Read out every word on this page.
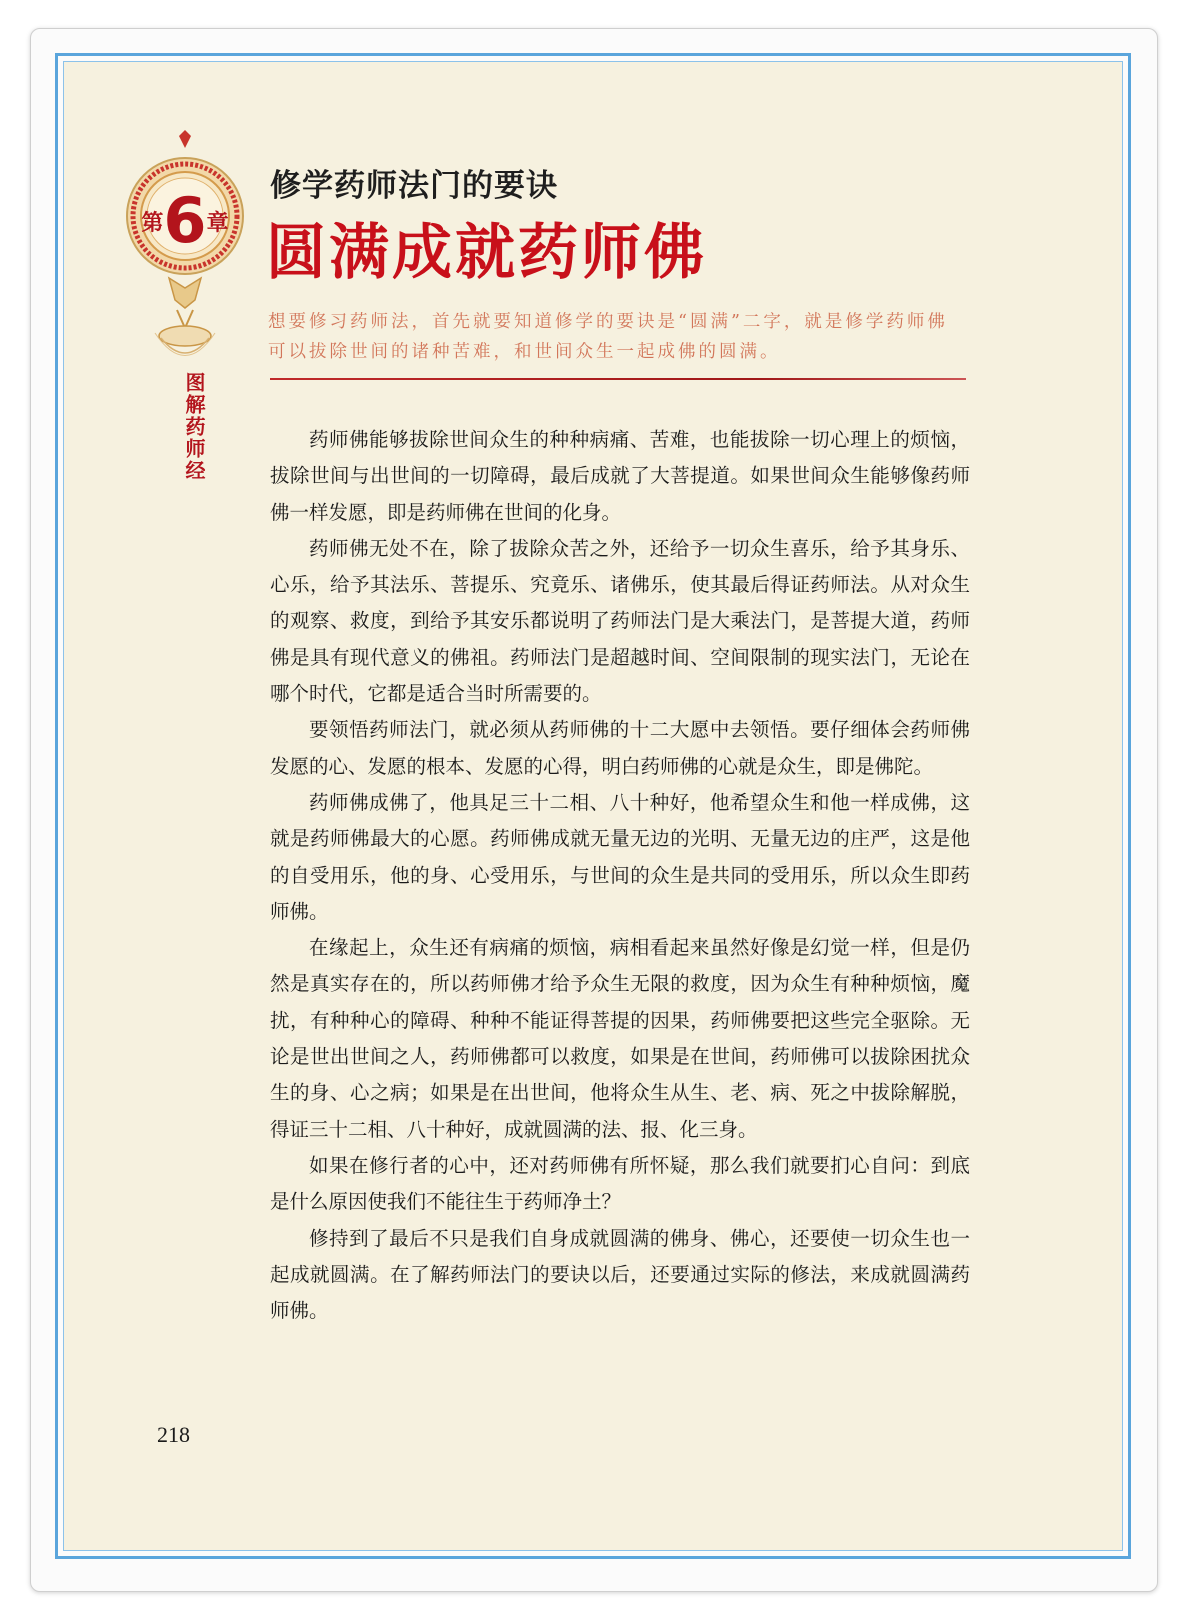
第6章
图解药师经
修学药师法门的要诀
圆满成就药师佛
想要修习药师法，首先就要知道修学的要诀是“圆满”二字，就是修学药师佛可以拔除世间的诸种苦难，和世间众生一起成佛的圆满。

药师佛能够拔除世间众生的种种病痛、苦难，也能拔除一切心理上的烦恼，拔除世间与出世间的一切障碍，最后成就了大菩提道。如果世间众生能够像药师佛一样发愿，即是药师佛在世间的化身。

药师佛无处不在，除了拔除众苦之外，还给予一切众生喜乐，给予其身乐、心乐，给予其法乐、菩提乐、究竟乐、诸佛乐，使其最后得证药师法。从对众生的观察、救度，到给予其安乐都说明了药师法门是大乘法门，是菩提大道，药师佛是具有现代意义的佛祖。药师法门是超越时间、空间限制的现实法门，无论在哪个时代，它都是适合当时所需要的。

要领悟药师法门，就必须从药师佛的十二大愿中去领悟。要仔细体会药师佛发愿的心、发愿的根本、发愿的心得，明白药师佛的心就是众生，即是佛陀。

药师佛成佛了，他具足三十二相、八十种好，他希望众生和他一样成佛，这就是药师佛最大的心愿。药师佛成就无量无边的光明、无量无边的庄严，这是他的自受用乐，他的身、心受用乐，与世间的众生是共同的受用乐，所以众生即药师佛。

在缘起上，众生还有病痛的烦恼，病相看起来虽然好像是幻觉一样，但是仍然是真实存在的，所以药师佛才给予众生无限的救度，因为众生有种种烦恼，魔扰，有种种心的障碍、种种不能证得菩提的因果，药师佛要把这些完全驱除。无论是世出世间之人，药师佛都可以救度，如果是在世间，药师佛可以拔除困扰众生的身、心之病；如果是在出世间，他将众生从生、老、病、死之中拔除解脱，得证三十二相、八十种好，成就圆满的法、报、化三身。

如果在修行者的心中，还对药师佛有所怀疑，那么我们就要扪心自问：到底是什么原因使我们不能往生于药师净土？

修持到了最后不只是我们自身成就圆满的佛身、佛心，还要使一切众生也一起成就圆满。在了解药师法门的要诀以后，还要通过实际的修法，来成就圆满药师佛。

218
